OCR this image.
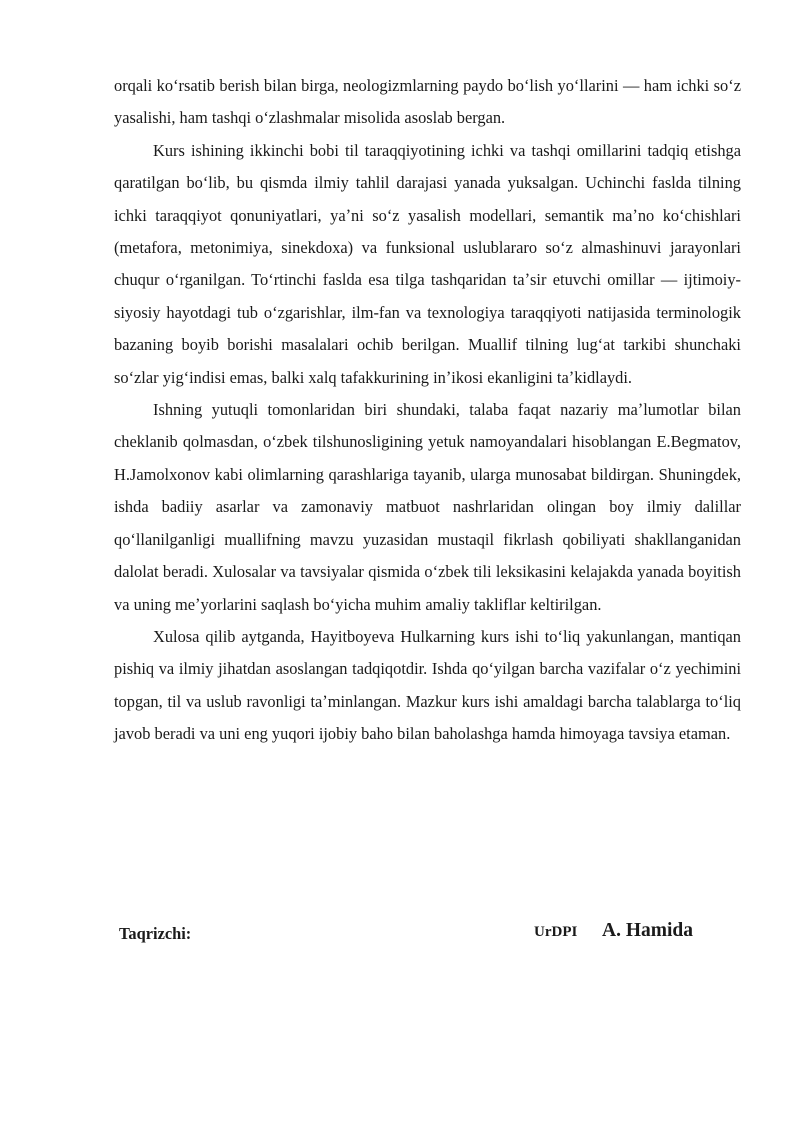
orqali koʻrsatib berish bilan birga, neologizmlarning paydo boʻlish yoʻllarini — ham ichki soʻz yasalishi, ham tashqi oʻzlashmalar misolida asoslab bergan.

Kurs ishining ikkinchi bobi til taraqqiyotining ichki va tashqi omillarini tadqiq etishga qaratilgan boʻlib, bu qismda ilmiy tahlil darajasi yanada yuksalgan. Uchinchi faslda tilning ichki taraqqiyot qonuniyatlari, yaʼni soʻz yasalish modellari, semantik maʼno koʻchishlari (metafora, metonimiya, sinekdoxa) va funksional uslublararo soʻz almashinuvi jarayonlari chuqur oʻrganilgan. Toʻrtinchi faslda esa tilga tashqaridan taʼsir etuvchi omillar — ijtimoiy-siyosiy hayotdagi tub oʻzgarishlar, ilm-fan va texnologiya taraqqiyoti natijasida terminologik bazaning boyib borishi masalalari ochib berilgan. Muallif tilning lugʻat tarkibi shunchaki soʻzlar yigʻindisi emas, balki xalq tafakkurining inʼikosi ekanligini taʼkidlaydi.

Ishning yutuqli tomonlaridan biri shundaki, talaba faqat nazariy maʼlumotlar bilan cheklanib qolmasdan, oʻzbek tilshunosligining yetuk namoyandalari hisoblangan E.Begmatov, H.Jamolxonov kabi olimlarning qarashlariga tayanib, ularga munosabat bildirgan. Shuningdek, ishda badiiy asarlar va zamonaviy matbuot nashrlaridan olingan boy ilmiy dalillar qoʻllanilganligi muallifning mavzu yuzasidan mustaqil fikrlash qobiliyati shakllanganidan dalolat beradi. Xulosalar va tavsiyalar qismida oʻzbek tili leksikasini kelajakda yanada boyitish va uning meʼyorlarini saqlash boʻyicha muhim amaliy takliflar keltirilgan.

Xulosa qilib aytganda, Hayitboyeva Hulkarning kurs ishi toʻliq yakunlangan, mantiqan pishiq va ilmiy jihatdan asoslangan tadqiqotdir. Ishda qoʻyilgan barcha vazifalar oʻz yechimini topgan, til va uslub ravonligi taʼminlangan. Mazkur kurs ishi amaldagi barcha talablarga toʻliq javob beradi va uni eng yuqori ijobiy baho bilan baholashga hamda himoyaga tavsiya etaman.

Taqrizchi:	UrDPI A. Hamida
